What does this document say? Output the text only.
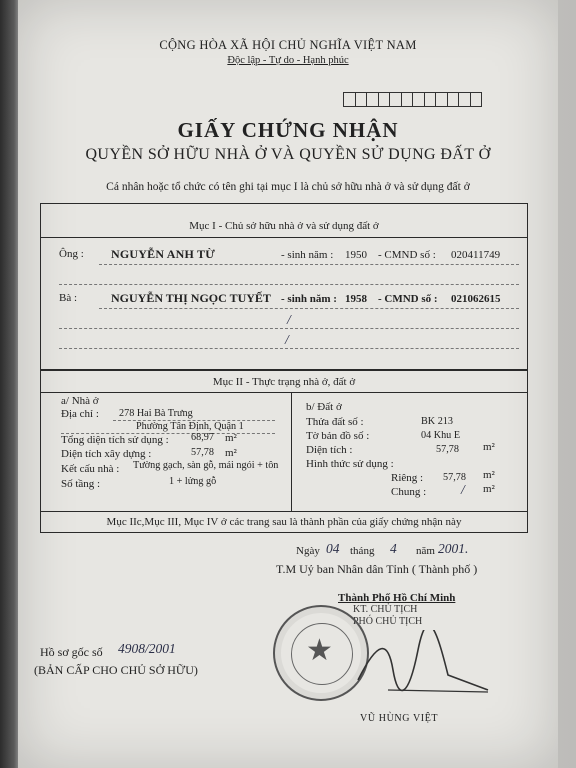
CỘNG HÒA XÃ HỘI CHỦ NGHĨA VIỆT NAM
Độc lập - Tự do - Hạnh phúc
GIẤY CHỨNG NHẬN
QUYỀN SỞ HỮU NHÀ Ở VÀ QUYỀN SỬ DỤNG ĐẤT Ở
Cá nhân hoặc tổ chức có tên ghi tại mục I là chủ sở hữu nhà ở và sử dụng đất ở
Mục I - Chủ sở hữu nhà ở và sử dụng đất ở
Ông : NGUYỄN ANH TỪ	- sinh năm : 1950 - CMND số : 020411749
Bà :	NGUYỄN THỊ NGỌC TUYẾT - sinh năm : 1958 - CMND số : 021062615
/
/
Mục II - Thực trạng nhà ở, đất ở
a/ Nhà ở
Địa chỉ : 278 Hai Bà Trưng
Phường Tân Định, Quận 1
Tổng diện tích sử dụng : 68,97 m²
Diện tích xây dựng :	57,78 m²
Kết cấu nhà : Tường gạch, sàn gỗ, mái ngói + tôn
Số tầng :	1 + lửng gỗ
b/ Đất ở
Thửa đất số :	BK 213
Tờ bản đồ số :	04 Khu E
Diện tích :	57,78 m²
Hình thức sử dụng :
Riêng : 57,78 m²
Chung :	/ m²
Mục IIc,Mục III, Mục IV ở các trang sau là thành phần của giấy chứng nhận này
Ngày 04 tháng 4 năm 2001.
T.M Uỷ ban Nhân dân Tỉnh ( Thành phố )
Thành Phố Hồ Chí Minh
KT. CHỦ TỊCH
PHÓ CHỦ TỊCH
★
VŨ HÙNG VIỆT
Hồ sơ gốc số 4908/2001
(BẢN CẤP CHO CHỦ SỞ HỮU)
